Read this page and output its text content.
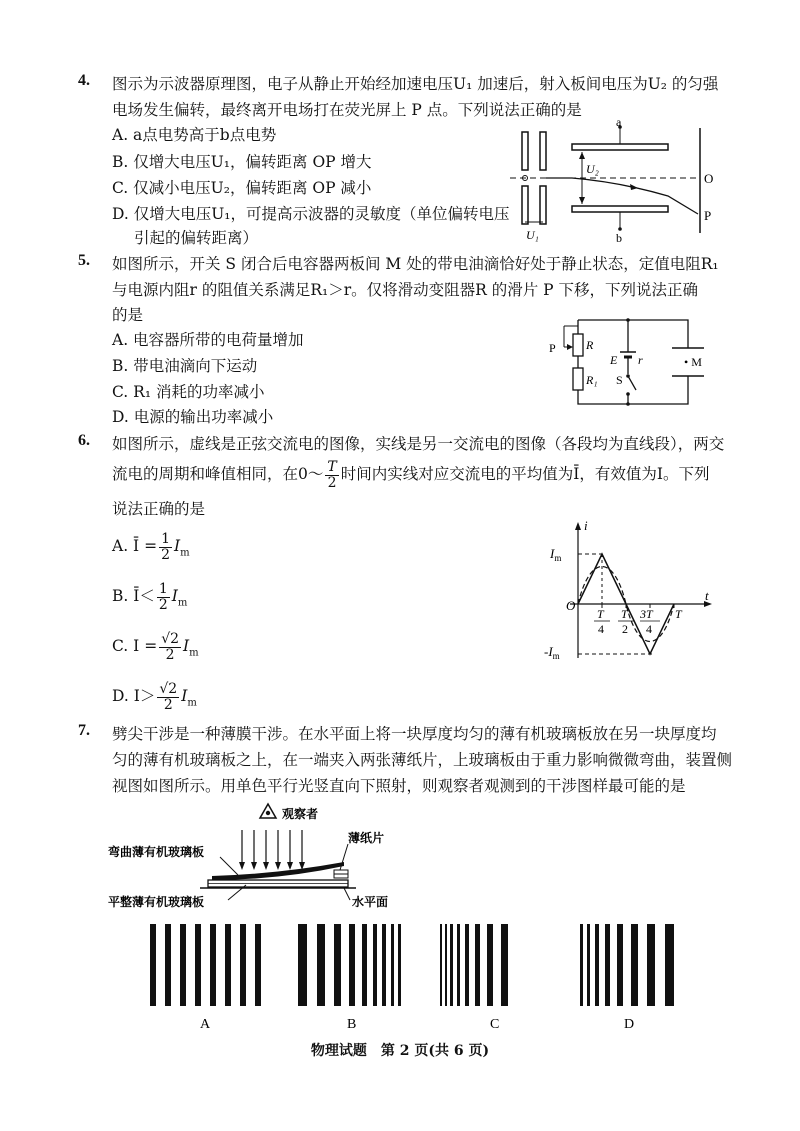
4. 图示为示波器原理图，电子从静止开始经加速电压U₁ 加速后，射入板间电压为U₂ 的匀强
电场发生偏转，最终离开电场打在荧光屏上 P 点。下列说法正确的是
A. a点电势高于b点电势
B. 仅增大电压U₁，偏转距离 OP 增大
C. 仅减小电压U₂，偏转距离 OP 减小
D. 仅增大电压U₁，可提高示波器的灵敏度（单位偏转电压
引起的偏转距离）
a
b
U₂
O
P
U₁
5. 如图所示，开关 S 闭合后电容器两板间 M 处的带电油滴恰好处于静止状态，定值电阻R₁
与电源内阻r 的阻值关系满足R₁＞r。仅将滑动变阻器R 的滑片 P 下移，下列说法正确
的是
A. 电容器所带的电荷量增加
B. 带电油滴向下运动
C. R₁ 消耗的功率减小
D. 电源的输出功率减小
R
P
R₁
E r
S
• M
6. 如图所示，虚线是正弦交流电的图像，实线是另一交流电的图像（各段均为直线段），两交
流电的周期和峰值相同，在0～ $\frac{T}{2}$ 时间内实线对应交流电的平均值为Ī，有效值为I。下列
说法正确的是
A. Ī = $\frac{1}{2} I_m$
B. Ī＜ $\frac{1}{2} I_m$
C. $I = \frac{√2}{2} I_m$
D. $I> \frac{√2}{2} I_m$
i
t
O
$I_m$
$-I_m$
T
4
T
2
3T
4
T
7. 劈尖干涉是一种薄膜干涉。在水平面上将一块厚度均匀的薄有机玻璃板放在另一块厚度均
匀的薄有机玻璃板之上，在一端夹入两张薄纸片，上玻璃板由于重力影响微微弯曲，装置侧
视图如图所示。用单色平行光竖直向下照射，则观察者观测到的干涉图样最可能的是
观察者
弯曲薄有机玻璃板
薄纸片
平整薄有机玻璃板	水平面
A	B	C	D
物理试题　第 2 页(共 6 页)
